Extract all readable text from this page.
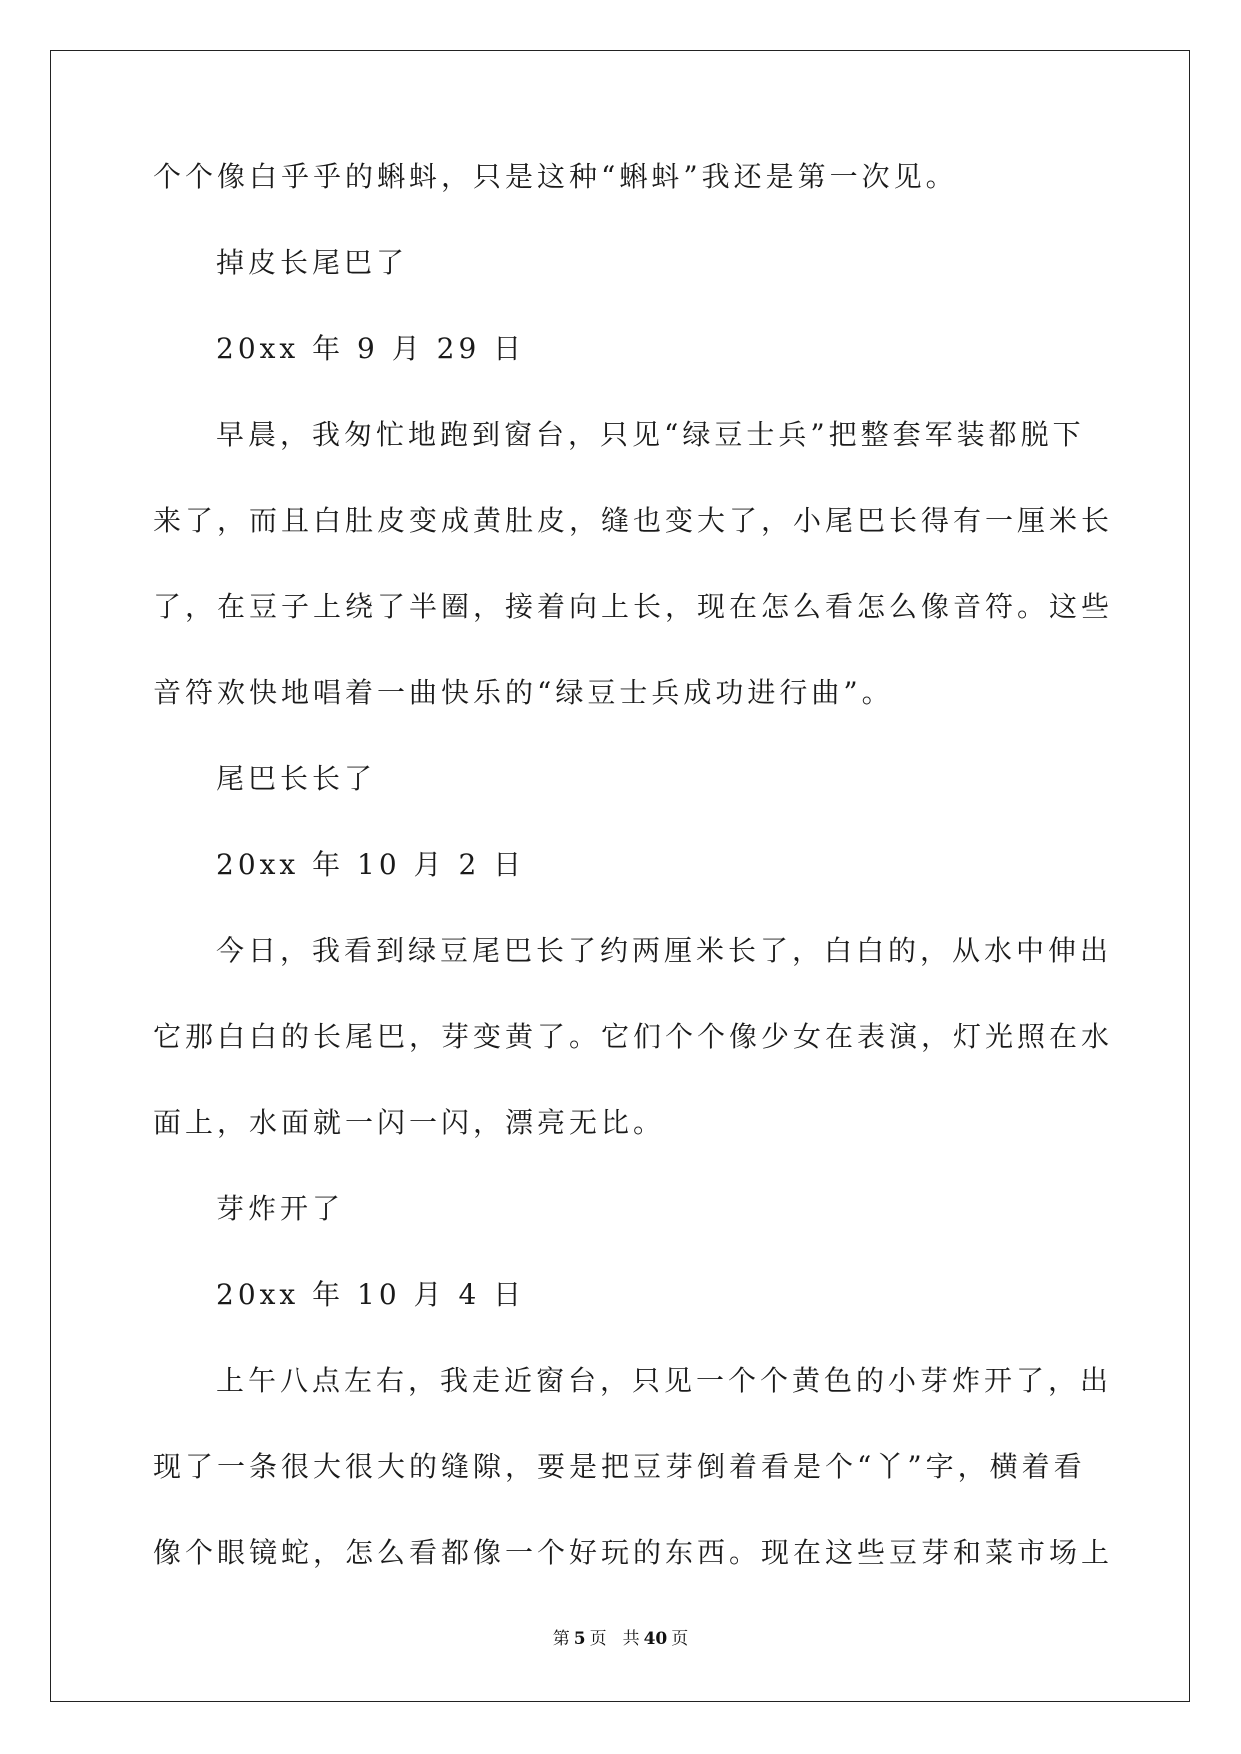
个个像白乎乎的蝌蚪，只是这种“蝌蚪”我还是第一次见。
掉皮长尾巴了
20xx 年 9 月 29 日
早晨，我匆忙地跑到窗台，只见“绿豆士兵”把整套军装都脱下
来了，而且白肚皮变成黄肚皮，缝也变大了，小尾巴长得有一厘米长
了，在豆子上绕了半圈，接着向上长，现在怎么看怎么像音符。这些
音符欢快地唱着一曲快乐的“绿豆士兵成功进行曲”。
尾巴长长了
20xx 年 10 月 2 日
今日，我看到绿豆尾巴长了约两厘米长了，白白的，从水中伸出
它那白白的长尾巴，芽变黄了。它们个个像少女在表演，灯光照在水
面上，水面就一闪一闪，漂亮无比。
芽炸开了
20xx 年 10 月 4 日
上午八点左右，我走近窗台，只见一个个黄色的小芽炸开了，出
现了一条很大很大的缝隙，要是把豆芽倒着看是个“丫”字，横着看
像个眼镜蛇，怎么看都像一个好玩的东西。现在这些豆芽和菜市场上
第 5 页 共 40 页
